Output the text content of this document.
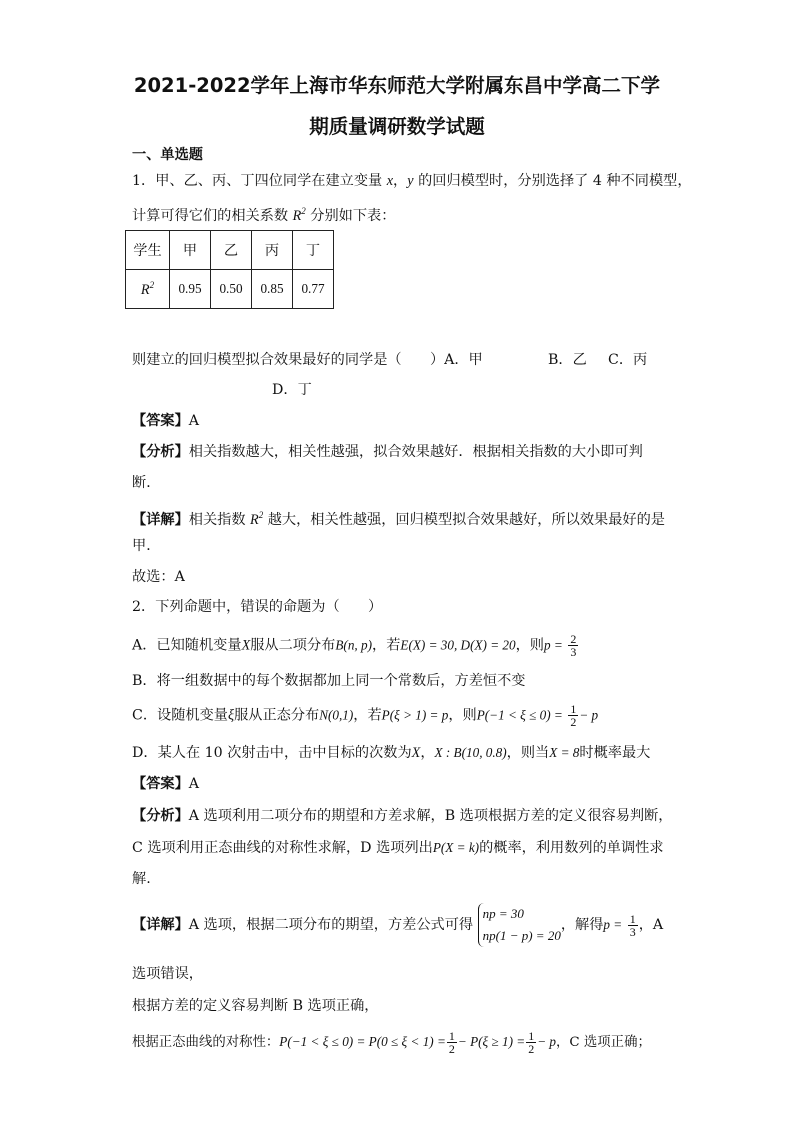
2021-2022学年上海市华东师范大学附属东昌中学高二下学
期质量调研数学试题
一、单选题
1．甲、乙、丙、丁四位同学在建立变量 x，y 的回归模型时，分别选择了 4 种不同模型，
计算可得它们的相关系数 $R^2$ 分别如下表：
学生	甲	乙	丙	丁
$R^2$	0.95	0.50	0.85	0.77
则建立的回归模型拟合效果最好的同学是（　　）A．甲	B．乙 C．丙
D．丁
【答案】A
【分析】相关指数越大，相关性越强，拟合效果越好．根据相关指数的大小即可判
断．
【详解】相关指数 $R^2$ 越大，相关性越强，回归模型拟合效果越好，所以效果最好的是
甲．
故选：A
2．下列命题中，错误的命题为（　　）
A．已知随机变量X服从二项分布B(n, p)，若E(X) = 30, D(X) = 20，则$p = \frac{2}{3}$
B．将一组数据中的每个数据都加上同一个常数后，方差恒不变
C．设随机变量ξ服从正态分布N(0,1)，若P(ξ > 1) = p，则$P(-1 < \xi \le 0) = \frac{1}{2} - p$
D．某人在 10 次射击中，击中目标的次数为X，X : B(10, 0.8)，则当X = 8时概率最大
【答案】A
【分析】A 选项利用二项分布的期望和方差求解，B 选项根据方差的定义很容易判断，
C 选项利用正态曲线的对称性求解，D 选项列出P(X = k)的概率，利用数列的单调性求
解.
【详解】A 选项，根据二项分布的期望，方差公式可得
np = 30
np(1 − p) = 20
，解得$p = \frac{1}{3}$ ，A
选项错误，
根据方差的定义容易判断 B 选项正确，
根据正态曲线的对称性：$P(-1 < \xi \le 0) = P(0 \le \xi < 1) = \frac{1}{2} - P(\xi \ge 1) = \frac{1}{2} - p$，C 选项正确；
